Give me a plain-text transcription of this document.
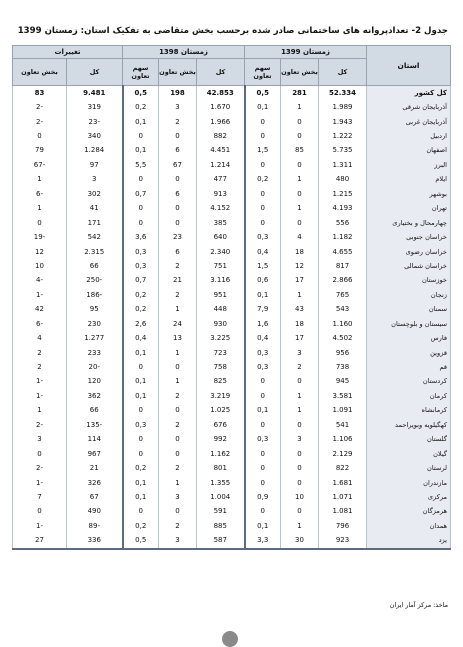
جدول 2- تعدادپروانه های ساختمانی صادر شده برحسب بخش متقاضی به تفکیک استان: زمستان 1399
استان	زمستان 1399			زمستان 1398			تغییرات	
	کل	بخش تعاون	سهم تعاون	کل	بخش تعاون	سهم تعاون	کل	بخش تعاون
کل کشور	52.334	281	0,5	42.853	198	0,5	9.481	83
آذربایجان شرقی	1.989	1	0,1	1.670	3	0,2	319	-2
آذربایجان غربی	1.943	0	0	1.966	2	0,1	-23	-2
اردبیل	1.222	0	0	882	0	0	340	0
اصفهان	5.735	85	1,5	4.451	6	0,1	1.284	79
البرز	1.311	0	0	1.214	67	5,5	97	-67
ایلام	480	1	0,2	477	0	0	3	1
بوشهر	1.215	0	0	913	6	0,7	302	-6
تهران	4.193	1	0	4.152	0	0	41	1
چهارمحال و بختیاری	556	0	0	385	0	0	171	0
خراسان جنوبی	1.182	4	0,3	640	23	3,6	542	-19
خراسان رضوی	4.655	18	0,4	2.340	6	0,3	2.315	12
خراسان شمالی	817	12	1,5	751	2	0,3	66	10
خوزستان	2.866	17	0,6	3.116	21	0,7	-250	-4
زنجان	765	1	0,1	951	2	0,2	-186	-1
سمنان	543	43	7,9	448	1	0,2	95	42
سیستان و بلوچستان	1.160	18	1,6	930	24	2,6	230	-6
فارس	4.502	17	0,4	3.225	13	0,4	1.277	4
قزوین	956	3	0,3	723	1	0,1	233	2
قم	738	2	0,3	758	0	0	-20	2
کردستان	945	0	0	825	1	0,1	120	-1
کرمان	3.581	1	0	3.219	2	0,1	362	-1
کرمانشاه	1.091	1	0,1	1.025	0	0	66	1
کهگیلویه وبویراحمد	541	0	0	676	2	0,3	-135	-2
گلستان	1.106	3	0,3	992	0	0	114	3
گیلان	2.129	0	0	1.162	0	0	967	0
لرستان	822	0	0	801	2	0,2	21	-2
مازندران	1.681	0	0	1.355	1	0,1	326	-1
مرکزی	1.071	10	0,9	1.004	3	0,1	67	7
هرمزگان	1.081	0	0	591	0	0	490	0
همدان	796	1	0,1	885	2	0,2	-89	-1
یزد	923	30	3,3	587	3	0,5	336	27
ماخذ: مرکز آمار ایران
